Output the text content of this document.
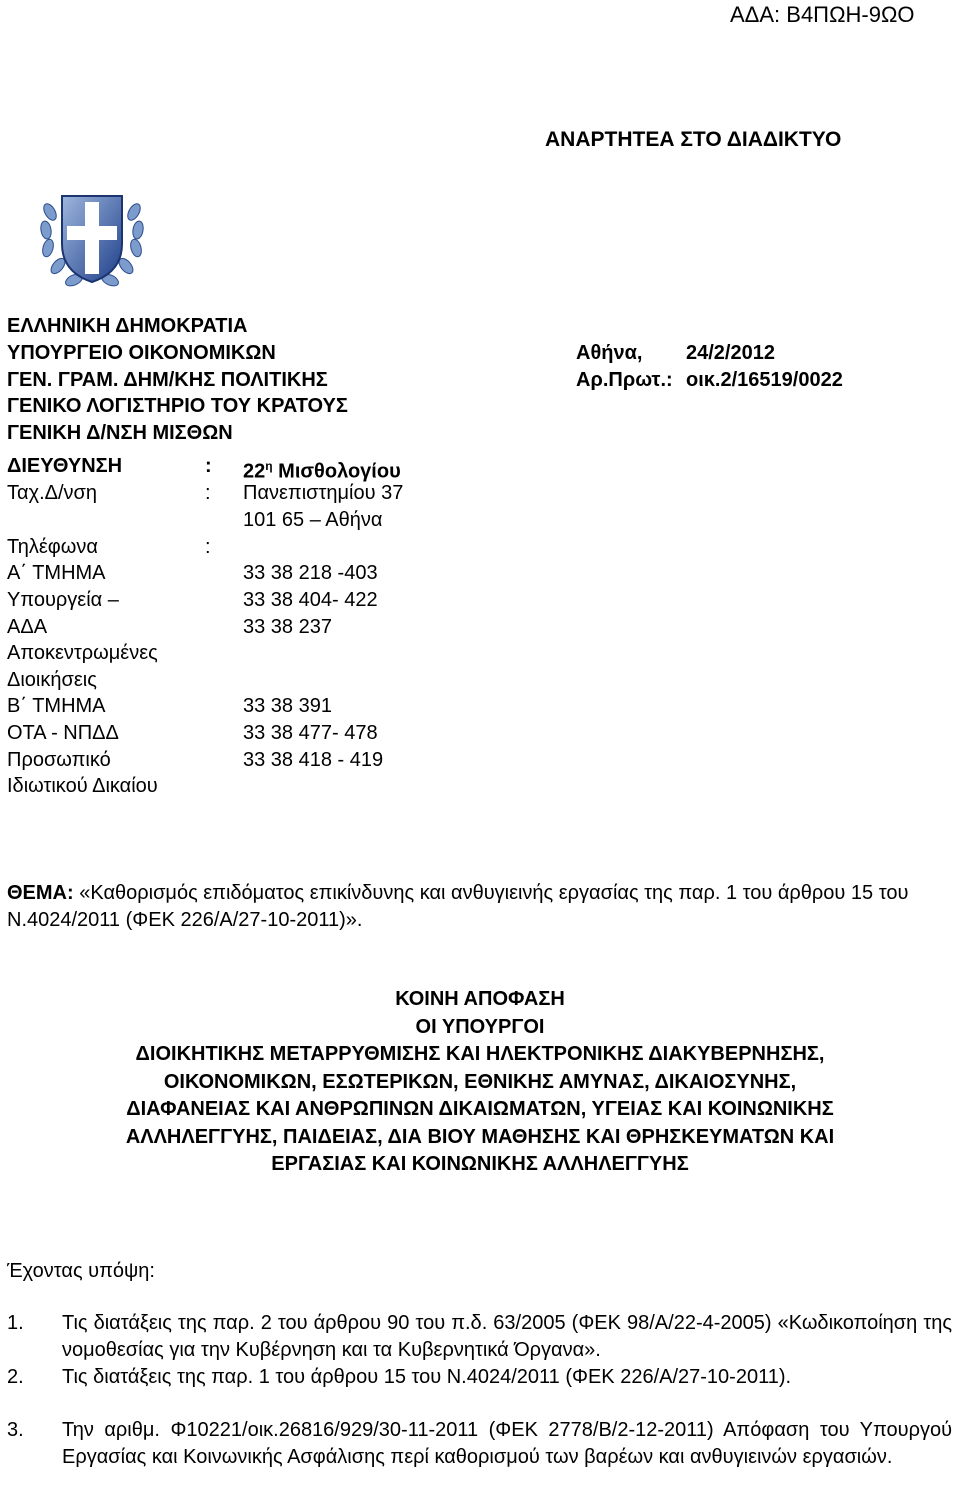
ΑΔΑ: Β4ΠΩΗ-9ΩΟ
ΑΝΑΡΤΗΤΕΑ ΣΤΟ ΔΙΑΔΙΚΤΥΟ
ΕΛΛΗΝΙΚΗ ΔΗΜΟΚΡΑΤΙΑ
ΥΠΟΥΡΓΕΙΟ ΟΙΚΟΝΟΜΙΚΩΝ
ΓΕΝ. ΓΡΑΜ. ΔΗΜ/ΚΗΣ ΠΟΛΙΤΙΚΗΣ
ΓΕΝΙΚΟ ΛΟΓΙΣΤΗΡΙΟ ΤΟΥ ΚΡΑΤΟΥΣ
ΓΕΝΙΚΗ Δ/ΝΣΗ ΜΙΣΘΩΝ
Αθήνα, 24/2/2012
Αρ.Πρωτ.: οικ.2/16519/0022
ΔΙΕΥΘΥΝΣΗ	: $22^\eta$ Μισθολογίου
Ταχ.Δ/νση	: Πανεπιστημίου 37
101 65 – Αθήνα
Τηλέφωνα	:
Α΄ ΤΜΗΜΑ	33 38 218 -403
Υπουργεία –	33 38 404- 422
ΑΔΑ	33 38 237
Αποκεντρωμένες
Διοικήσεις
Β΄ ΤΜΗΜΑ	33 38 391
ΟΤΑ - ΝΠΔΔ	33 38 477- 478
Προσωπικό	33 38 418 - 419
Ιδιωτικού Δικαίου
ΘΕΜΑ: «Καθορισμός επιδόματος επικίνδυνης και ανθυγιεινής εργασίας της παρ. 1 του άρθρου 15 του Ν.4024/2011 (ΦΕΚ 226/Α/27-10-2011)».
ΚΟΙΝΗ ΑΠΟΦΑΣΗ
ΟΙ ΥΠΟΥΡΓΟΙ
ΔΙΟΙΚΗΤΙΚΗΣ ΜΕΤΑΡΡΥΘΜΙΣΗΣ ΚΑΙ ΗΛΕΚΤΡΟΝΙΚΗΣ ΔΙΑΚΥΒΕΡΝΗΣΗΣ,
ΟΙΚΟΝΟΜΙΚΩΝ, ΕΣΩΤΕΡΙΚΩΝ, ΕΘΝΙΚΗΣ ΑΜΥΝΑΣ, ΔΙΚΑΙΟΣΥΝΗΣ,
ΔΙΑΦΑΝΕΙΑΣ ΚΑΙ ΑΝΘΡΩΠΙΝΩΝ ΔΙΚΑΙΩΜΑΤΩΝ, ΥΓΕΙΑΣ ΚΑΙ ΚΟΙΝΩΝΙΚΗΣ
ΑΛΛΗΛΕΓΓΥΗΣ, ΠΑΙΔΕΙΑΣ, ΔΙΑ ΒΙΟΥ ΜΑΘΗΣΗΣ ΚΑΙ ΘΡΗΣΚΕΥΜΑΤΩΝ ΚΑΙ
ΕΡΓΑΣΙΑΣ ΚΑΙ ΚΟΙΝΩΝΙΚΗΣ ΑΛΛΗΛΕΓΓΥΗΣ
Έχοντας υπόψη:
1. Τις διατάξεις της παρ. 2 του άρθρου 90 του π.δ. 63/2005 (ΦΕΚ 98/Α/22-4-2005) «Κωδικοποίηση της νομοθεσίας για την Κυβέρνηση και τα Κυβερνητικά Όργανα».
2. Τις διατάξεις της παρ. 1 του άρθρου 15 του Ν.4024/2011 (ΦΕΚ 226/Α/27-10-2011).
3. Την αριθμ. Φ10221/οικ.26816/929/30-11-2011 (ΦΕΚ 2778/Β/2-12-2011) Απόφαση του Υπουργού Εργασίας και Κοινωνικής Ασφάλισης περί καθορισμού των βαρέων και ανθυγιεινών εργασιών.
